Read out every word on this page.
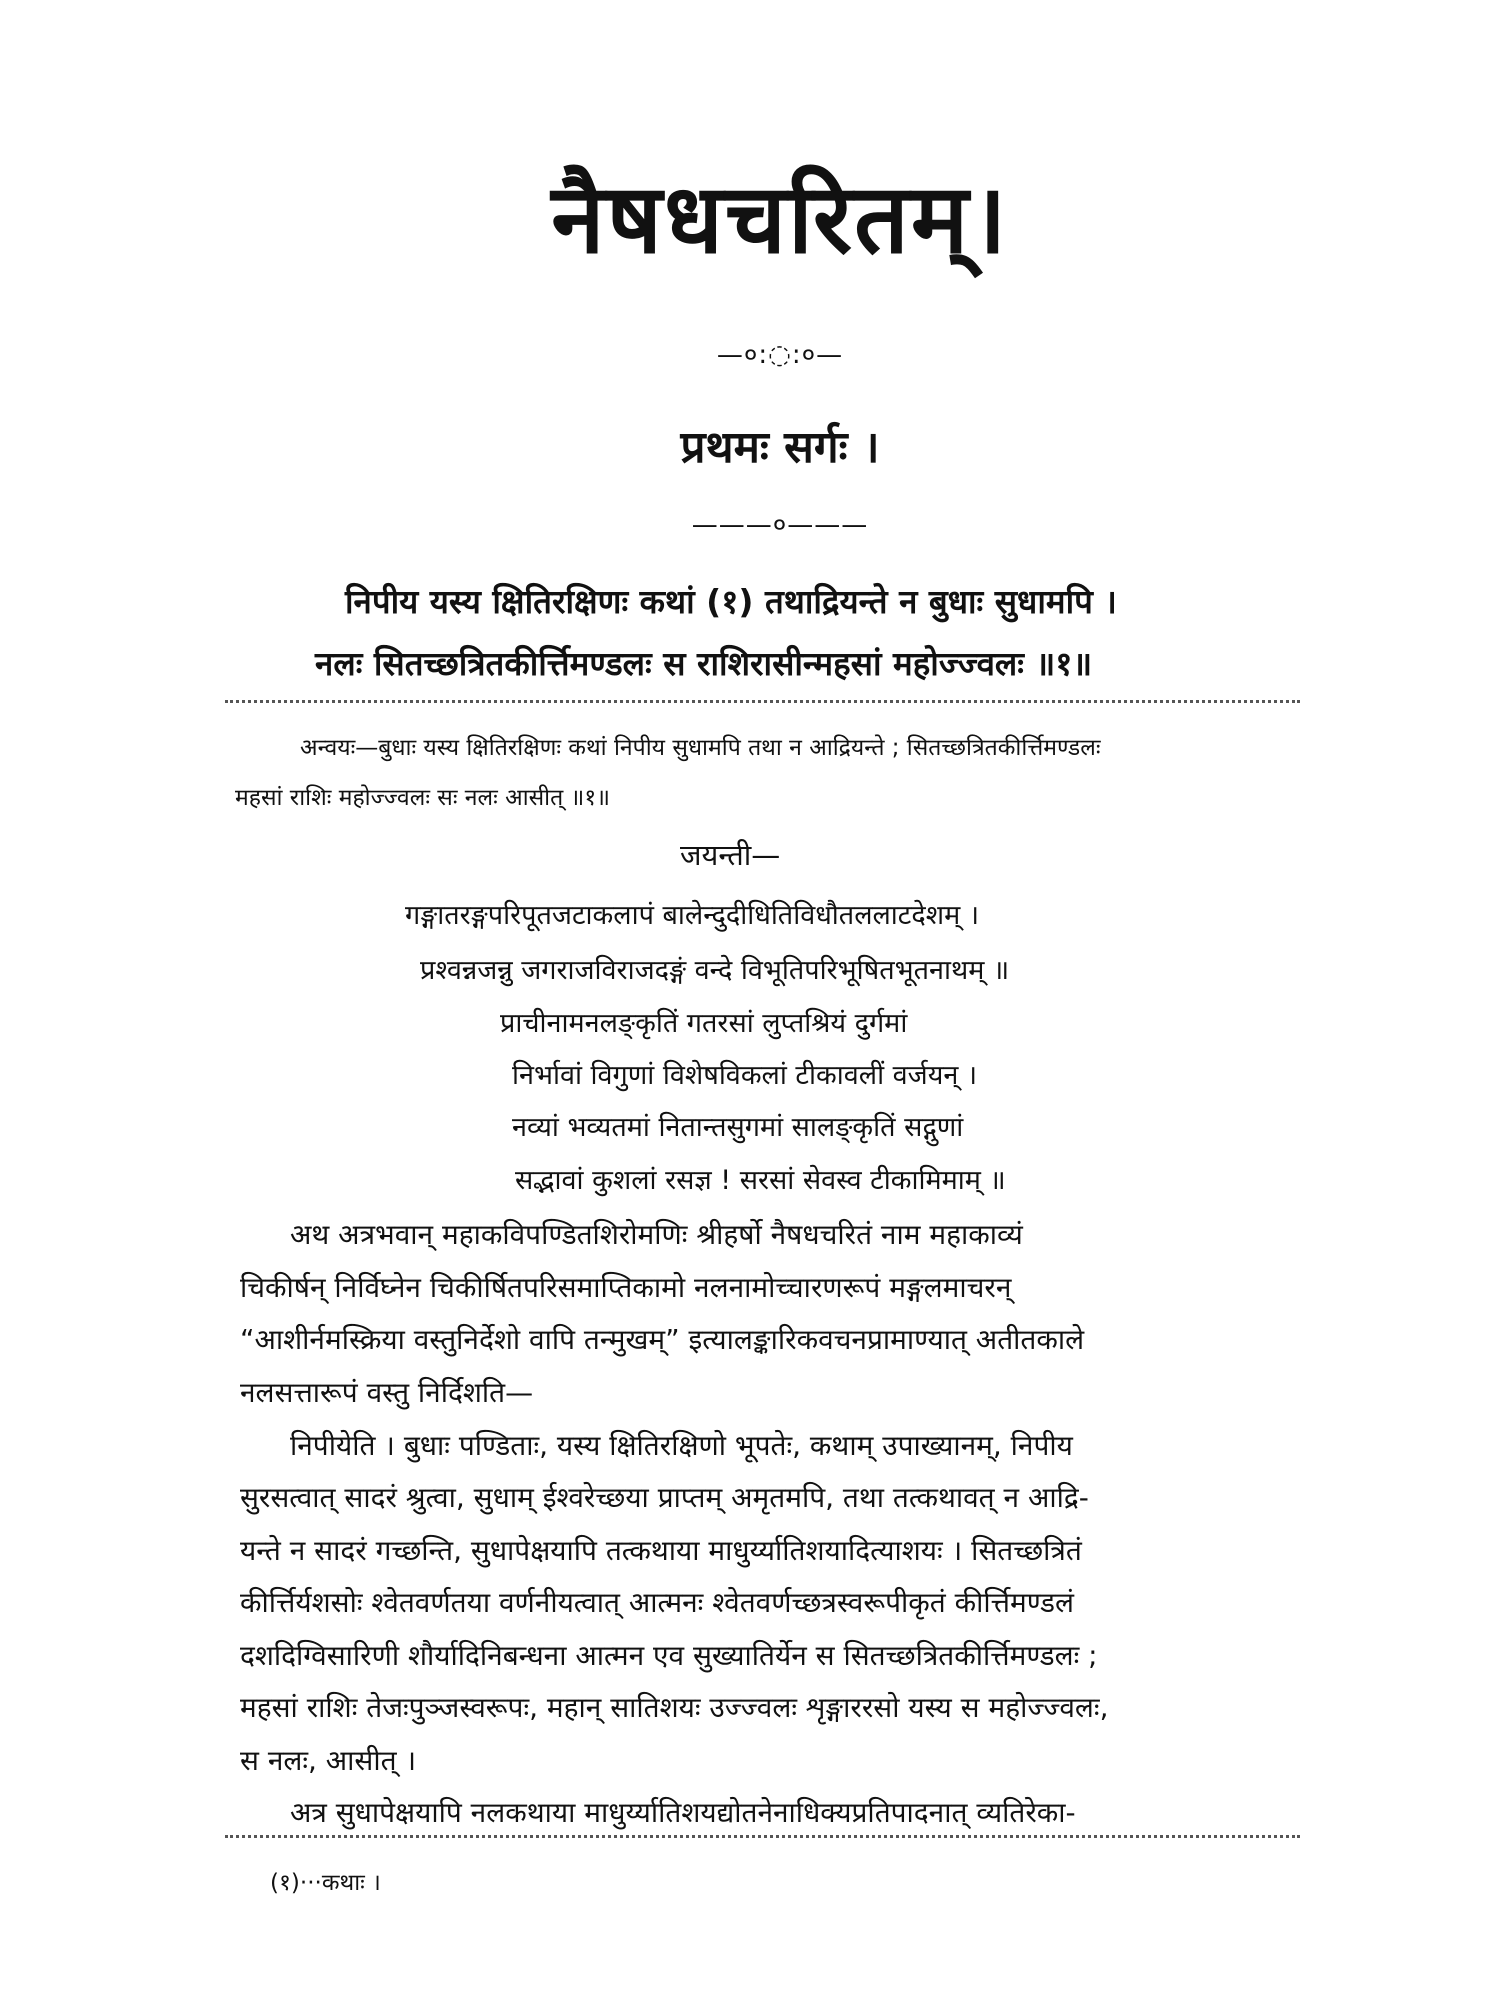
नैषधचरितम्।
—०:◌:०—
प्रथमः सर्गः ।
———०———
निपीय यस्य क्षितिरक्षिणः कथां (१) तथाद्रियन्ते न बुधाः सुधामपि ।
नलः सितच्छत्रितकीर्त्तिमण्डलः स राशिरासीन्महसां महोज्ज्वलः ॥१॥
अन्वयः—बुधाः यस्य क्षितिरक्षिणः कथां निपीय सुधामपि तथा न आद्रियन्ते ; सितच्छत्रितकीर्त्तिमण्डलः
महसां राशिः महोज्ज्वलः सः नलः आसीत् ॥१॥
जयन्ती—
गङ्गातरङ्गपरिपूतजटाकलापं बालेन्दुदीधितिविधौतललाटदेशम् ।
प्रश्वन्नजन्नु जगराजविराजदङ्गं वन्दे विभूतिपरिभूषितभूतनाथम् ॥
प्राचीनामनलङ्कृतिं गतरसां लुप्तश्रियं दुर्गमां
निर्भावां विगुणां विशेषविकलां टीकावलीं वर्जयन् ।
नव्यां भव्यतमां नितान्तसुगमां सालङ्कृतिं सद्गुणां
सद्भावां कुशलां रसज्ञ ! सरसां सेवस्व टीकामिमाम् ॥
अथ अत्रभवान् महाकविपण्डितशिरोमणिः श्रीहर्षो नैषधचरितं नाम महाकाव्यं
चिकीर्षन् निर्विघ्नेन चिकीर्षितपरिसमाप्तिकामो नलनामोच्चारणरूपं मङ्गलमाचरन्
“आशीर्नमस्क्रिया वस्तुनिर्देशो वापि तन्मुखम्” इत्यालङ्कारिकवचनप्रामाण्यात् अतीतकाले
नलसत्तारूपं वस्तु निर्दिशति—
निपीयेति । बुधाः पण्डिताः, यस्य क्षितिरक्षिणो भूपतेः, कथाम् उपाख्यानम्, निपीय
सुरसत्वात् सादरं श्रुत्वा, सुधाम् ईश्वरेच्छया प्राप्तम् अमृतमपि, तथा तत्कथावत् न आद्रि-
यन्ते न सादरं गच्छन्ति, सुधापेक्षयापि तत्कथाया माधुर्य्यातिशयादित्याशयः । सितच्छत्रितं
कीर्त्तिर्यशसोः श्वेतवर्णतया वर्णनीयत्वात् आत्मनः श्वेतवर्णच्छत्रस्वरूपीकृतं कीर्त्तिमण्डलं
दशदिग्विसारिणी शौर्यादिनिबन्धना आत्मन एव सुख्यातिर्येन स सितच्छत्रितकीर्त्तिमण्डलः ;
महसां राशिः तेजःपुञ्जस्वरूपः, महान् सातिशयः उज्ज्वलः शृङ्गाररसो यस्य स महोज्ज्वलः,
स नलः, आसीत् ।
अत्र सुधापेक्षयापि नलकथाया माधुर्य्यातिशयद्योतनेनाधिक्यप्रतिपादनात् व्यतिरेका-
(१)···कथाः ।
